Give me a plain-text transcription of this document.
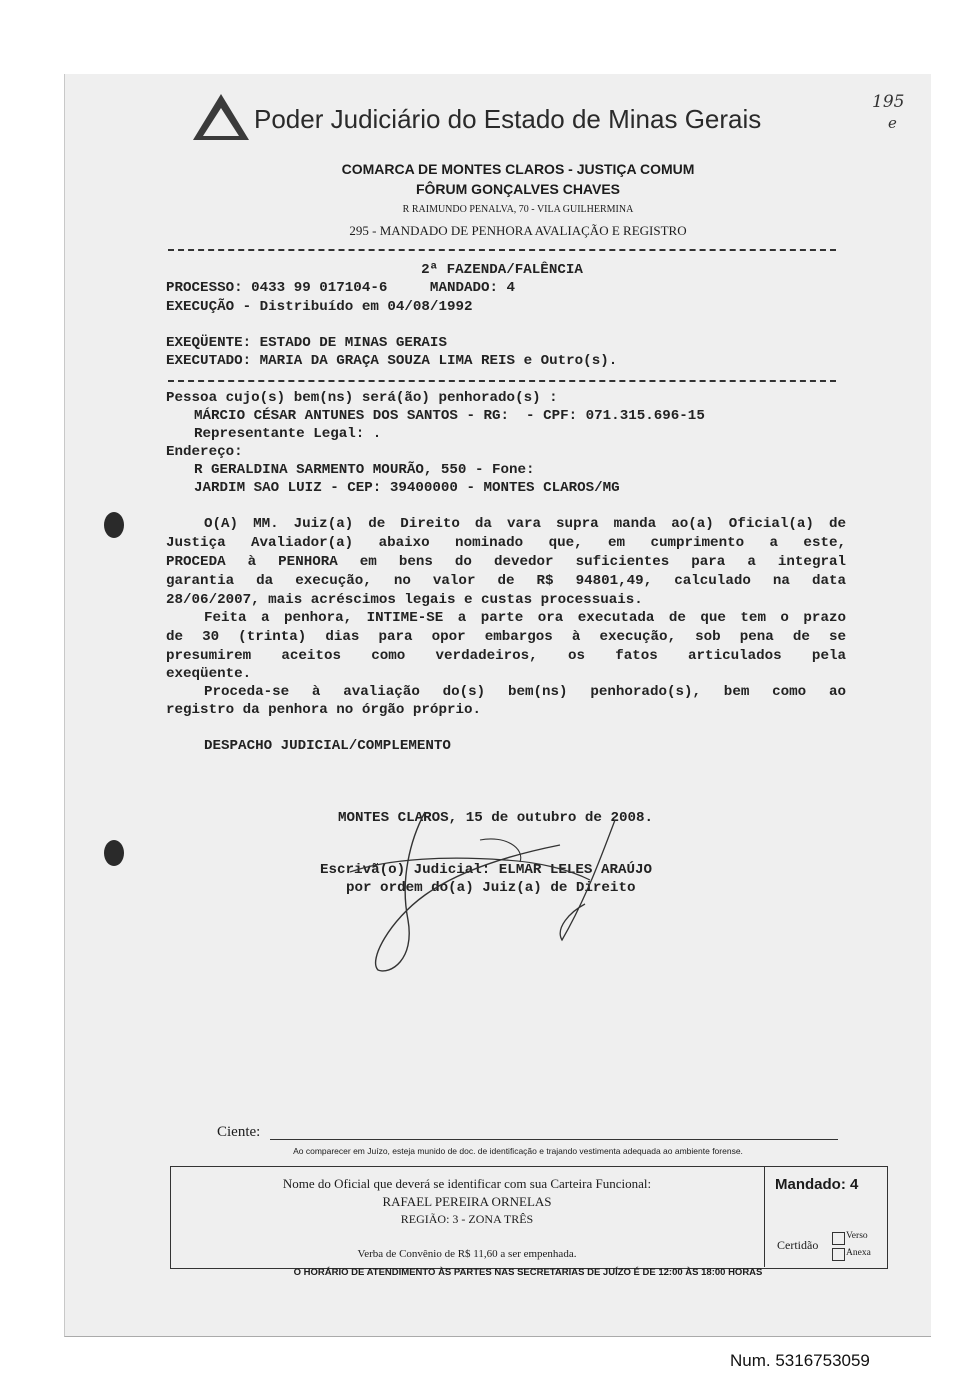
Poder Judiciário do Estado de Minas Gerais
195
e
COMARCA DE MONTES CLAROS - JUSTIÇA COMUM
FÔRUM GONÇALVES CHAVES
R RAIMUNDO PENALVA, 70 - VILA GUILHERMINA
295 - MANDADO DE PENHORA AVALIAÇÃO E REGISTRO
2ª FAZENDA/FALÊNCIA
PROCESSO: 0433 99 017104-6     MANDADO: 4
EXECUÇÃO - Distribuído em 04/08/1992
EXEQÜENTE: ESTADO DE MINAS GERAIS
EXECUTADO: MARIA DA GRAÇA SOUZA LIMA REIS e Outro(s).
Pessoa cujo(s) bem(ns) será(ão) penhorado(s) :
MÁRCIO CÉSAR ANTUNES DOS SANTOS - RG:  - CPF: 071.315.696-15
Representante Legal: .
Endereço:
R GERALDINA SARMENTO MOURÃO, 550 - Fone:
JARDIM SAO LUIZ - CEP: 39400000 - MONTES CLAROS/MG
O(A) MM. Juiz(a) de Direito da vara supra manda ao(a) Oficial(a) de
Justiça Avaliador(a) abaixo nominado que, em cumprimento a este,
PROCEDA à PENHORA em bens do devedor suficientes para a integral
garantia da execução, no valor de R$ 94801,49, calculado na data
28/06/2007, mais acréscimos legais e custas processuais.
Feita a penhora, INTIME-SE a parte ora executada de que tem o prazo
de 30 (trinta) dias para opor embargos à execução, sob pena de se
presumirem aceitos como verdadeiros, os fatos articulados pela
exeqüente.
Proceda-se à avaliação do(s) bem(ns) penhorado(s), bem como ao
registro da penhora no órgão próprio.
DESPACHO JUDICIAL/COMPLEMENTO
MONTES CLAROS, 15 de outubro de 2008.
Escrivã(o) Judicial: ELMAR LELES ARAÚJO
por ordem do(a) Juiz(a) de Direito
Ciente:
Ao comparecer em Juízo, esteja munido de doc. de identificação e trajando vestimenta adequada ao ambiente forense.
Nome do Oficial que deverá se identificar com sua Carteira Funcional:
RAFAEL PEREIRA ORNELAS
REGIÃO: 3 - ZONA TRÊS
Verba de Convênio de R$ 11,60 a ser empenhada.
Mandado: 4
Certidão
Verso
Anexa
O HORÁRIO DE ATENDIMENTO ÀS PARTES NAS SECRETARIAS DE JUÍZO É DE 12:00 ÀS 18:00 HORAS
Num. 5316753059
